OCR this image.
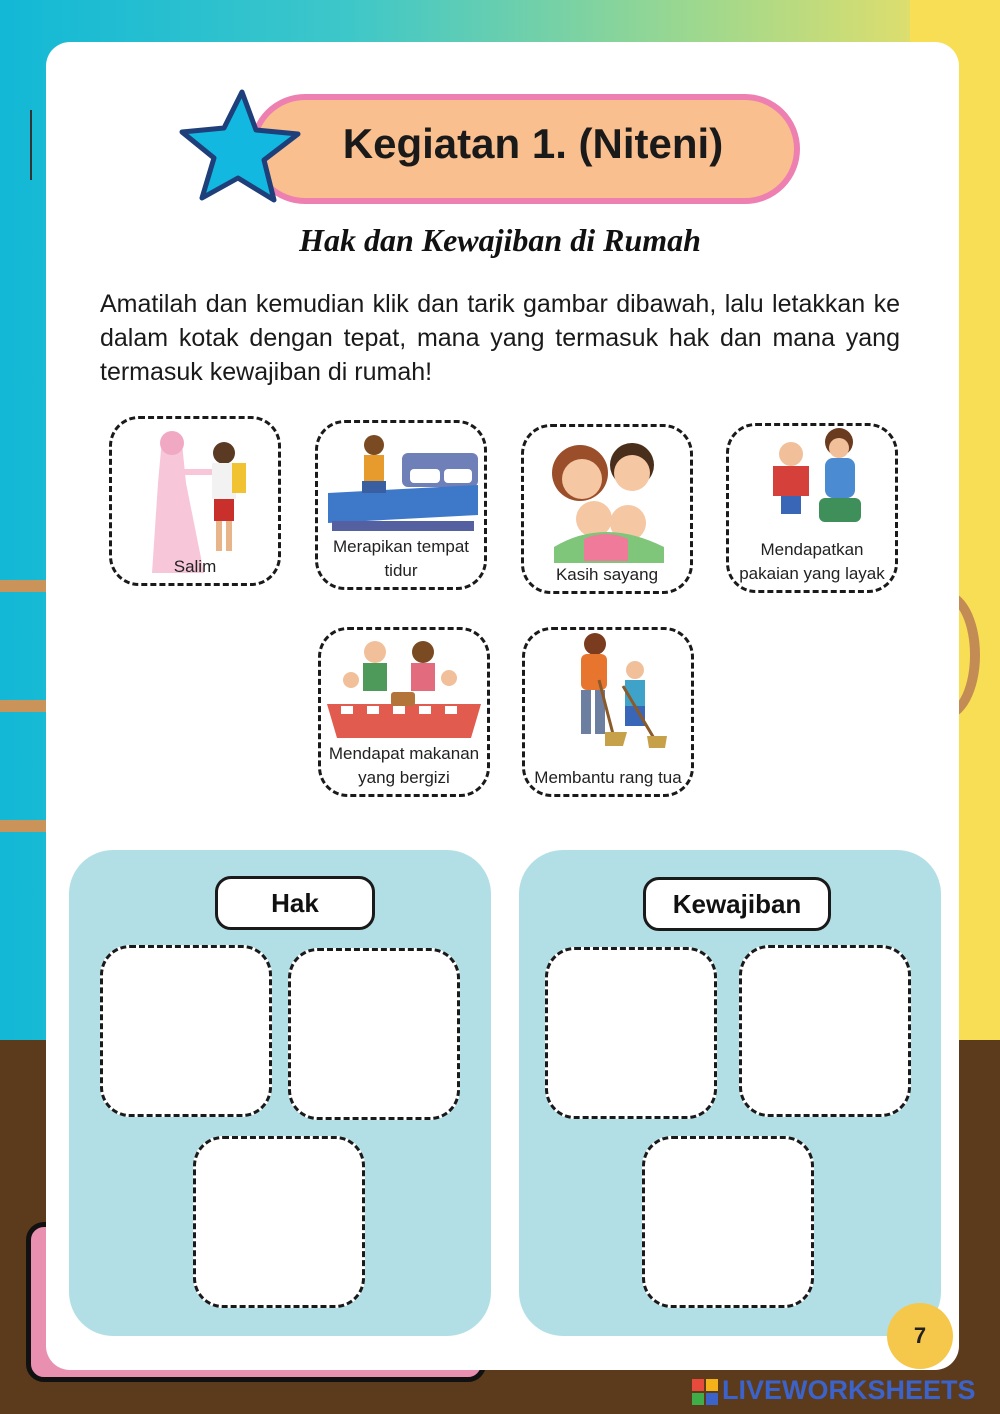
Kegiatan 1. (Niteni)
Hak dan Kewajiban di Rumah
Amatilah dan kemudian klik dan tarik gambar dibawah, lalu letakkan ke dalam kotak dengan tepat, mana yang termasuk hak dan mana yang termasuk kewajiban di rumah!
Salim
Merapikan tempat tidur	Kasih sayang
Mendapatkan pakaian yang layak
Mendapat makanan yang bergizi	Membantu rang tua
Hak	Kewajiban
7
LIVEWORKSHEETS
